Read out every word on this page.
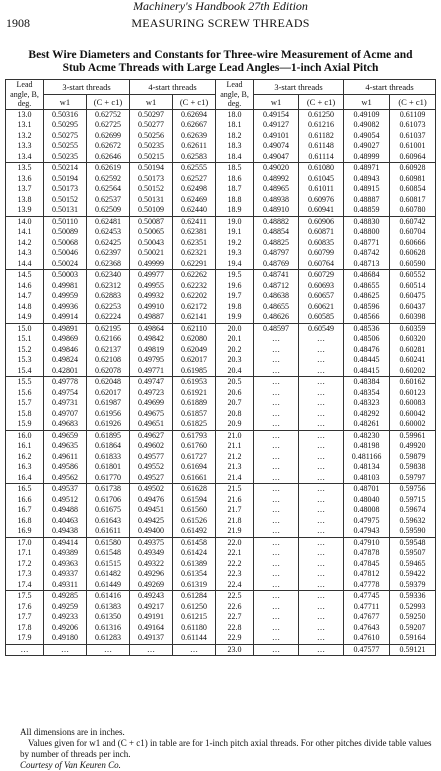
Machinery's Handbook 27th Edition
1908	MEASURING SCREW THREADS
Best Wire Diameters and Constants for Three-wire Measurement of Acme and
Stub Acme Threads with Large Lead Angles—1-inch Axial Pitch
Lead angle, B, deg.	3-start threads		4-start threads		Lead angle, B, deg.	3-start threads		4-start threads	
	w1	(C + c1)	w1	(C + c1)		w1	(C + c1)	w1	(C + c1)
13.0	0.50316	0.62752	0.50297	0.62694	18.0	0.49154	0.61250	0.49109	0.61109
13.1	0.50295	0.62725	0.50277	0.62667	18.1	0.49127	0.61216	0.49082	0.61073
13.2	0.50275	0.62699	0.50256	0.62639	18.2	0.49101	0.61182	0.49054	0.61037
13.3	0.50255	0.62672	0.50235	0.62611	18.3	0.49074	0.61148	0.49027	0.61001
13.4	0.50235	0.62646	0.50215	0.62583	18.4	0.49047	0.61114	0.48999	0.60964
13.5	0.50214	0.62619	0.50194	0.62555	18.5	0.49020	0.61080	0.48971	0.60928
13.6	0.50194	0.62592	0.50173	0.62527	18.6	0.48992	0.61045	0.48943	0.60981
13.7	0.50173	0.62564	0.50152	0.62498	18.7	0.48965	0.61011	0.48915	0.60854
13.8	0.50152	0.62537	0.50131	0.62469	18.8	0.48938	0.60976	0.48887	0.60817
13.9	0.50131	0.62509	0.50109	0.62440	18.9	0.48910	0.60941	0.48859	0.60780
14.0	0.50110	0.62481	0.50087	0.62411	19.0	0.48882	0.60906	0.48830	0.60742
14.1	0.50089	0.62453	0.50065	0.62381	19.1	0.48854	0.60871	0.48800	0.60704
14.2	0.50068	0.62425	0.50043	0.62351	19.2	0.48825	0.60835	0.48771	0.60666
14.3	0.50046	0.62397	0.50021	0.62321	19.3	0.48797	0.60799	0.48742	0.60628
14.4	0.50024	0.62368	0.49999	0.62291	19.4	0.48769	0.60764	0.48713	0.60590
14.5	0.50003	0.62340	0.49977	0.62262	19.5	0.48741	0.60729	0.48684	0.60552
14.6	0.49981	0.62312	0.49955	0.62232	19.6	0.48712	0.60693	0.48655	0.60514
14.7	0.49959	0.62883	0.49932	0.62202	19.7	0.48638	0.60657	0.48625	0.60475
14.8	0.49936	0.62253	0.49910	0.62172	19.8	0.48655	0.60621	0.48596	0.60437
14.9	0.49914	0.62224	0.49887	0.62141	19.9	0.48626	0.60585	0.48566	0.60398
15.0	0.49891	0.62195	0.49864	0.62110	20.0	0.48597	0.60549	0.48536	0.60359
15.1	0.49869	0.62166	0.49842	0.62080	20.1	…	…	0.48506	0.60320
15.2	0.49846	0.62137	0.49819	0.62049	20.2	…	…	0.48476	0.60281
15.3	0.49824	0.62108	0.49795	0.62017	20.3	…	…	0.48445	0.60241
15.4	0.42801	0.62078	0.49771	0.61985	20.4	…	…	0.48415	0.60202
15.5	0.49778	0.62048	0.49747	0.61953	20.5	…	…	0.48384	0.60162
15.6	0.49754	0.62017	0.49723	0.61921	20.6	…	…	0.48354	0.60123
15.7	0.49731	0.61987	0.49699	0.61889	20.7	…	…	0.48323	0.60083
15.8	0.49707	0.61956	0.49675	0.61857	20.8	…	…	0.48292	0.60042
15.9	0.49683	0.61926	0.49651	0.61825	20.9	…	…	0.48261	0.60002
16.0	0.49659	0.61895	0.49627	0.61793	21.0	…	…	0.48230	0.59961
16.1	0.49635	0.61864	0.49602	0.61760	21.1	…	…	0.48198	0.49920
16.2	0.49611	0.61833	0.49577	0.61727	21.2	…	…	0.481166	0.59879
16.3	0.49586	0.61801	0.49552	0.61694	21.3	…	…	0.48134	0.59838
16.4	0.49562	0.61770	0.49527	0.61661	21.4	…	…	0.48103	0.59797
16.5	0.49537	0.61738	0.49502	0.61628	21.5	…	…	0.48701	0.59756
16.6	0.49512	0.61706	0.49476	0.61594	21.6	…	…	0.48040	0.59715
16.7	0.49488	0.61675	0.49451	0.61560	21.7	…	…	0.48008	0.59674
16.8	0.40463	0.61643	0.49425	0.61526	21.8	…	…	0.47975	0.59632
16.9	0.49438	0.61611	0.49400	0.61492	21.9	…	…	0.47943	0.59590
17.0	0.49414	0.61580	0.49375	0.61458	22.0	…	…	0.47910	0.59548
17.1	0.49389	0.61548	0.49349	0.61424	22.1	…	…	0.47878	0.59507
17.2	0.49363	0.61515	0.49322	0.61389	22.2	…	…	0.47845	0.59465
17.3	0.49337	0.61482	0.49296	0.61354	22.3	…	…	0.47812	0.59422
17.4	0.49311	0.61449	0.49269	0.61319	22.4	…	…	0.47778	0.59379
17.5	0.49285	0.61416	0.49243	0.61284	22.5	…	…	0.47745	0.59336
17.6	0.49259	0.61383	0.49217	0.61250	22.6	…	…	0.47711	0.52993
17.7	0.49233	0.61350	0.49191	0.61215	22.7	…	…	0.47677	0.59250
17.8	0.49206	0.61316	0.49164	0.61180	22.8	…	…	0.47643	0.59207
17.9	0.49180	0.61283	0.49137	0.61144	22.9	…	…	0.47610	0.59164
…	…	…	…	…	23.0	…	…	0.47577	0.59121

All dimensions are in inches.

Values given for w1 and (C + c1) in table are for 1-inch pitch axial threads. For other pitches divide table values by number of threads per inch.

Courtesy of Van Keuren Co.
